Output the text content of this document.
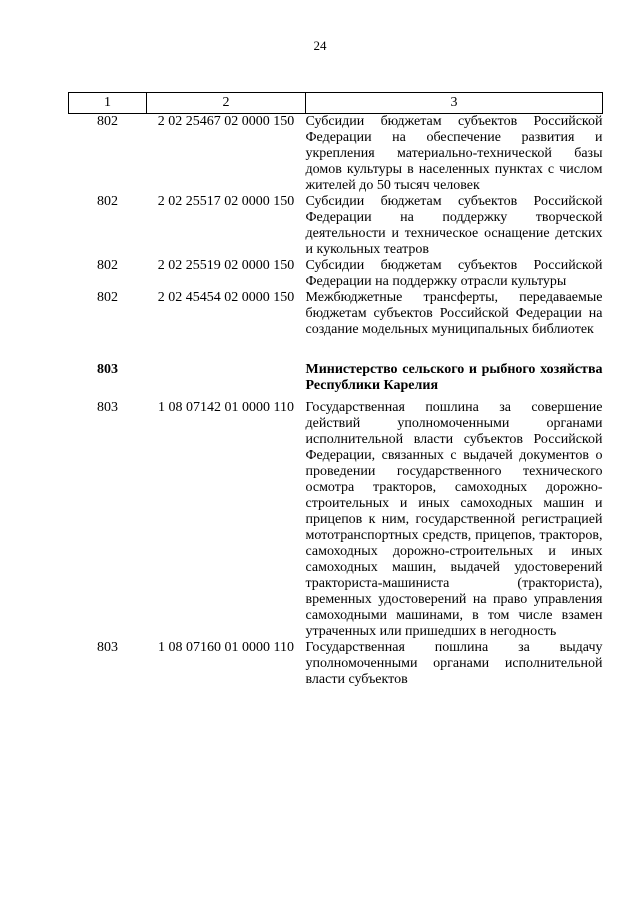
24
1	2	3
802	2 02 25467 02 0000 150	Субсидии бюджетам субъектов Российской Федерации на обеспечение развития и укрепления материально-технической базы домов культуры в населенных пунктах с числом жителей до 50 тысяч человек
802	2 02 25517 02 0000 150	Субсидии бюджетам субъектов Российской Федерации на поддержку творческой деятельности и техническое оснащение детских и кукольных театров
802	2 02 25519 02 0000 150	Субсидии бюджетам субъектов Российской Федерации на поддержку отрасли культуры
802	2 02 45454 02 0000 150	Межбюджетные трансферты, передаваемые бюджетам субъектов Российской Федерации на создание модельных муниципальных библиотек
803		Министерство сельского и рыбного хозяйства Республики Карелия
803	1 08 07142 01 0000 110	Государственная пошлина за совершение действий уполномоченными органами исполнительной власти субъектов Российской Федерации, связанных с выдачей документов о проведении государственного технического осмотра тракторов, самоходных дорожно-строительных и иных самоходных машин и прицепов к ним, государственной регистрацией мототранспортных средств, прицепов, тракторов, самоходных дорожно-строительных и иных самоходных машин, выдачей удостоверений тракториста-машиниста (тракториста), временных удостоверений на право управления самоходными машинами, в том числе взамен утраченных или пришедших в негодность
803	1 08 07160 01 0000 110	Государственная пошлина за выдачу уполномоченными органами исполнительной власти субъектов
